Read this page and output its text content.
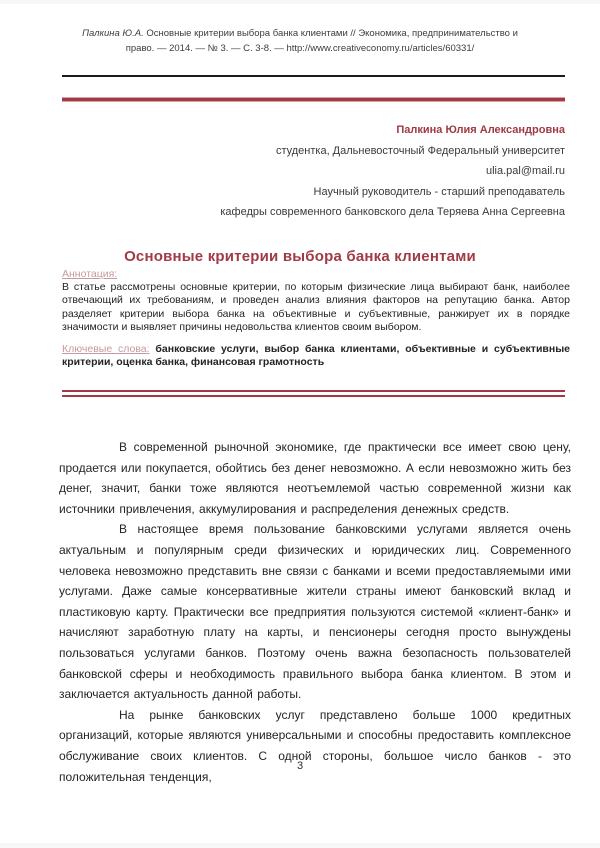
Палкина Ю.А. Основные критерии выбора банка клиентами // Экономика, предпринимательство и
право. — 2014. — № 3. — С. 3-8. — http://www.creativeconomy.ru/articles/60331/
Палкина Юлия Александровна
студентка, Дальневосточный Федеральный университет
ulia.pal@mail.ru
Научный руководитель - старший преподаватель
кафедры современного банковского дела Теряева Анна Сергеевна
Основные критерии выбора банка клиентами
Аннотация:
В статье рассмотрены основные критерии, по которым физические лица выбирают банк, наиболее отвечающий их требованиям, и проведен анализ влияния факторов на репутацию банка. Автор разделяет критерии выбора банка на объективные и субъективные, ранжирует их в порядке значимости и выявляет причины недовольства клиентов своим выбором.
Ключевые слова: банковские услуги, выбор банка клиентами, объективные и субъективные критерии, оценка банка, финансовая грамотность

В современной рыночной экономике, где практически все имеет свою цену, продается или покупается, обойтись без денег невозможно. А если невозможно жить без денег, значит, банки тоже являются неотъемлемой частью современной жизни как источники привлечения, аккумулирования и распределения денежных средств.

В настоящее время пользование банковскими услугами является очень актуальным и популярным среди физических и юридических лиц. Современного человека невозможно представить вне связи с банками и всеми предоставляемыми ими услугами. Даже самые консервативные жители страны имеют банковский вклад и пластиковую карту. Практически все предприятия пользуются системой «клиент-банк» и начисляют заработную плату на карты, и пенсионеры сегодня просто вынуждены пользоваться услугами банков. Поэтому очень важна безопасность пользователей банковской сферы и необходимость правильного выбора банка клиентом. В этом и заключается актуальность данной работы.

На рынке банковских услуг представлено больше 1000 кредитных организаций, которые являются универсальными и способны предоставить комплексное обслуживание своих клиентов. С одной стороны, большое число банков - это положительная тенденция,

3
